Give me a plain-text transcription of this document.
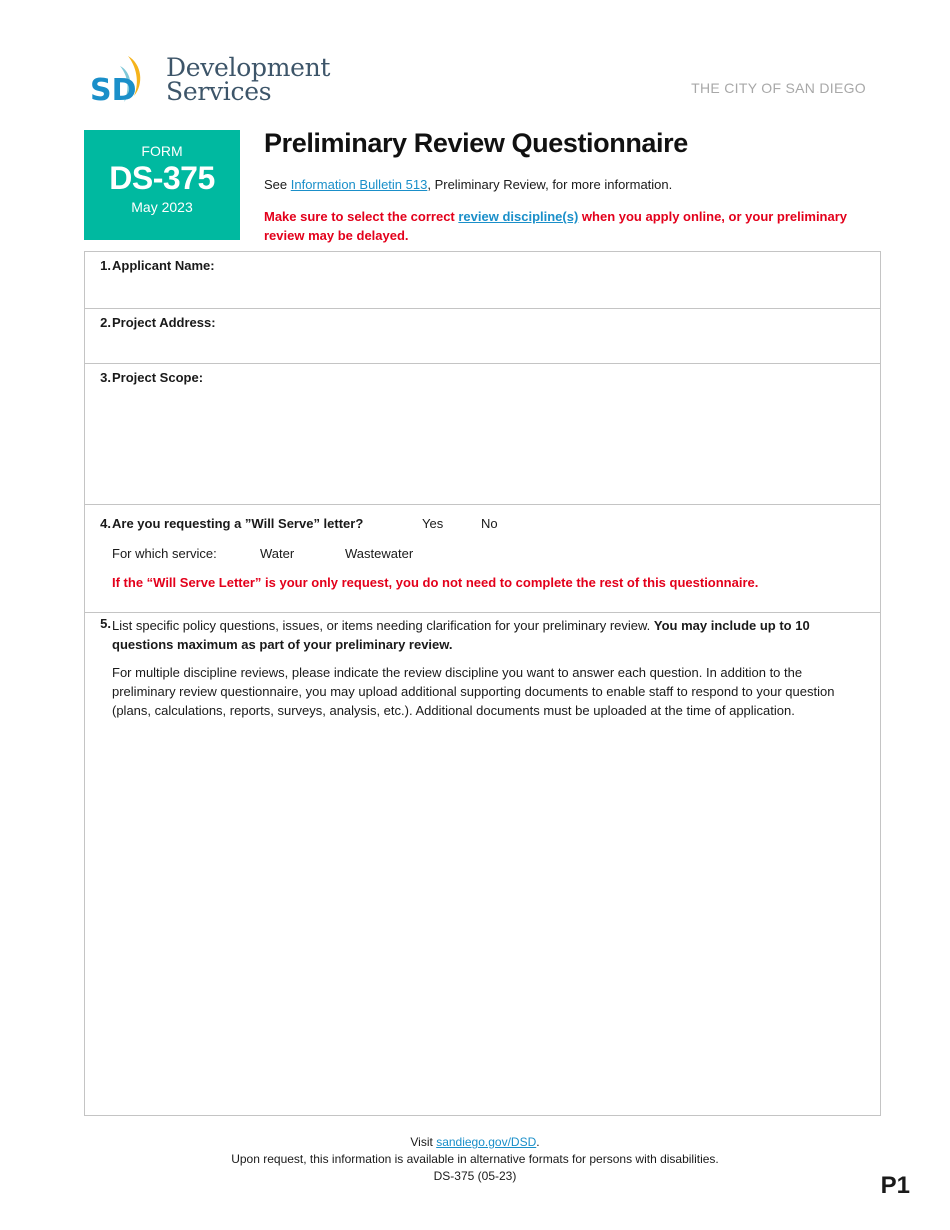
SD
Development
Services	THE CITY OF SAN DIEGO
FORM
DS-375
May 2023
Preliminary Review Questionnaire
See Information Bulletin 513, Preliminary Review, for more information.
Make sure to select the correct review discipline(s) when you apply online, or your preliminary review may be delayed.
1. Applicant Name:
2. Project Address:
3. Project Scope:
4. Are you requesting a ”Will Serve” letter?	Yes	No
For which service:	Water	Wastewater
If the “Will Serve Letter” is your only request, you do not need to complete the rest of this questionnaire.
5. List specific policy questions, issues, or items needing clarification for your preliminary review. You may include up to 10 questions maximum as part of your preliminary review.
For multiple discipline reviews, please indicate the review discipline you want to answer each question. In addition to the preliminary review questionnaire, you may upload additional supporting documents to enable staff to respond to your question (plans, calculations, reports, surveys, analysis, etc.). Additional documents must be uploaded at the time of application.
Visit sandiego.gov/DSD.
Upon request, this information is available in alternative formats for persons with disabilities.
DS-375 (05-23)	P1
